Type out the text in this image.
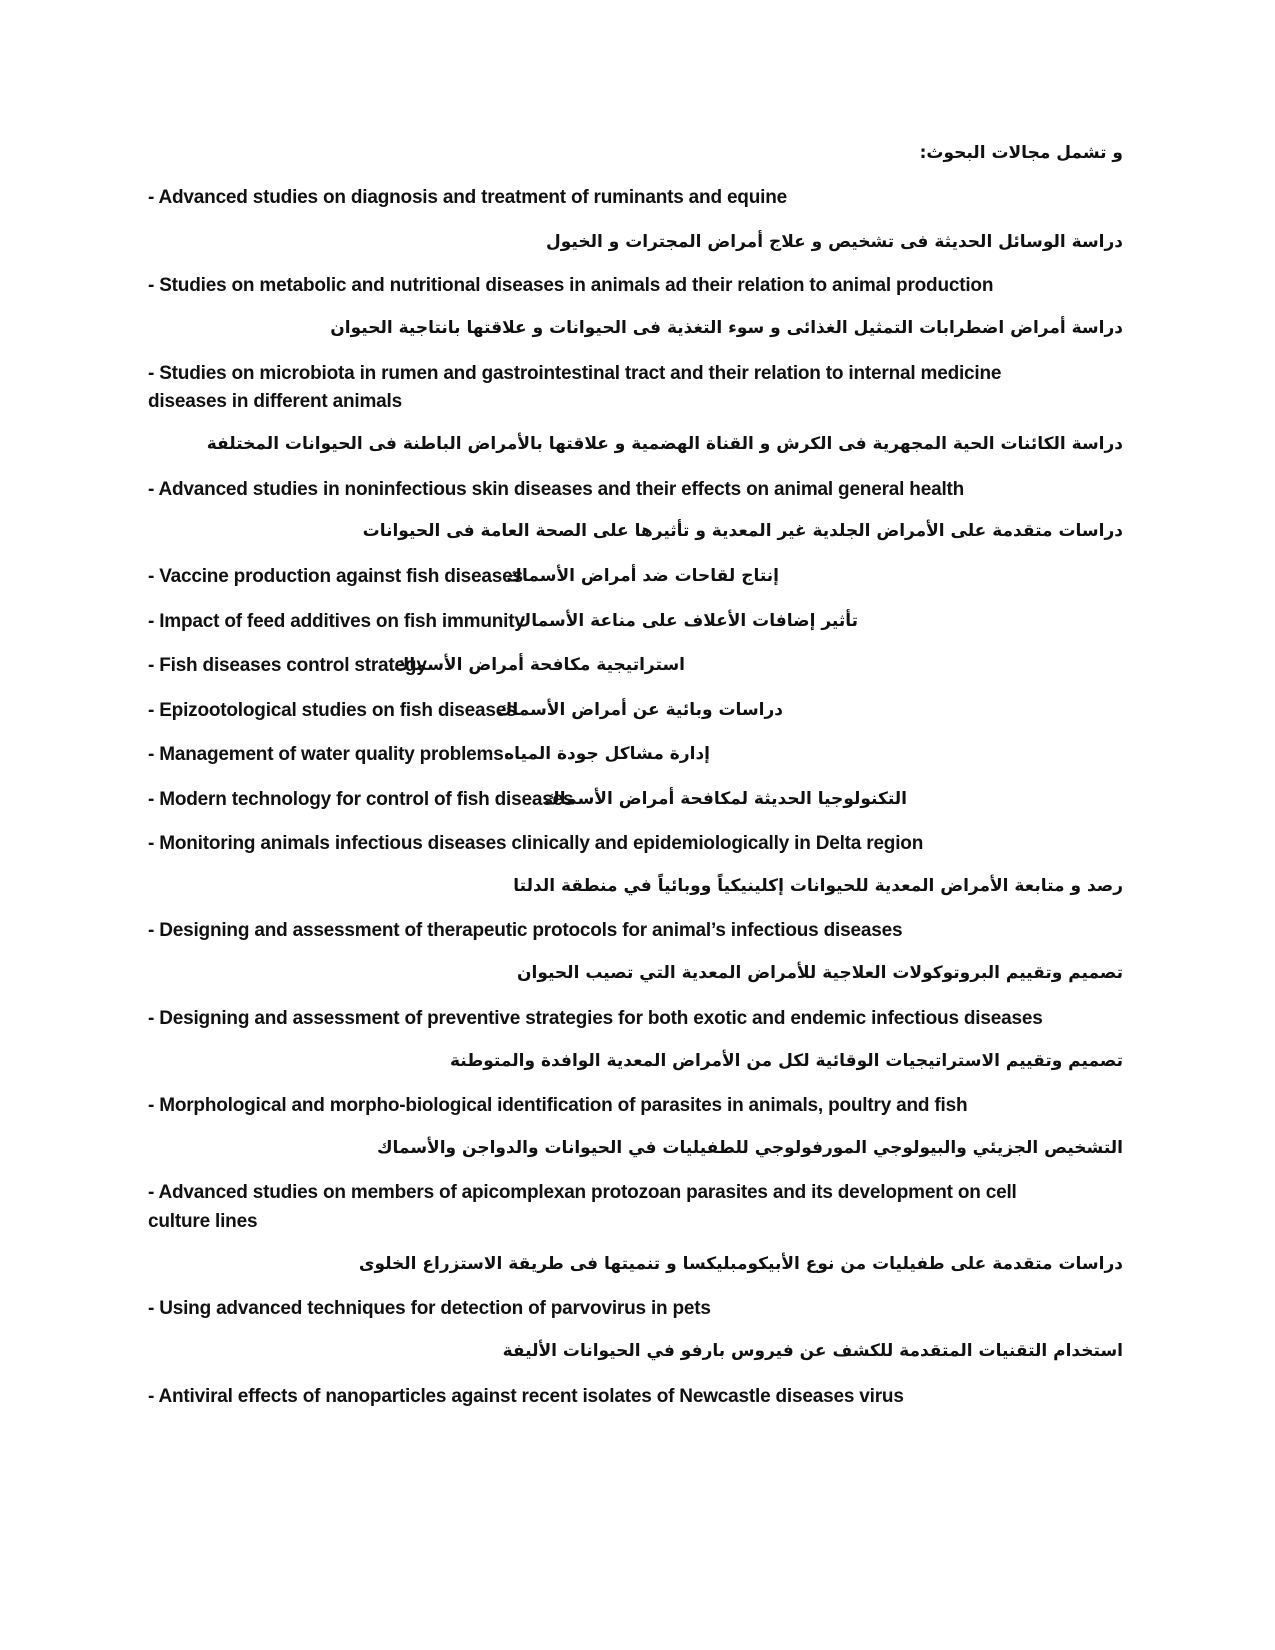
و تشمل مجالات البحوث:
- Advanced studies on diagnosis and treatment of ruminants and equine
دراسة الوسائل الحديثة فى تشخيص و علاج أمراض المجترات و الخيول
- Studies on metabolic and nutritional diseases in animals ad their relation to animal production
دراسة أمراض اضطرابات التمثيل الغذائى و سوء التغذية فى الحيوانات و علاقتها بانتاجية الحيوان
- Studies on microbiota in rumen and gastrointestinal tract and their relation to internal medicine
diseases in different animals
دراسة الكائنات الحية المجهرية فى الكرش و القناة الهضمية و علاقتها بالأمراض الباطنة فى الحيوانات المختلفة
- Advanced studies in noninfectious skin diseases and their effects on animal general health
دراسات متقدمة على الأمراض الجلدية غير المعدية و تأثيرها على الصحة العامة فى الحيوانات
- Vaccine production against fish diseases
إنتاج لقاحات ضد أمراض الأسماك
- Impact of feed additives on fish immunity
تأثير إضافات الأعلاف على مناعة الأسماك
- Fish diseases control strategy
استراتيجية مكافحة أمراض الأسماك
- Epizootological studies on fish diseases
دراسات وبائية عن أمراض الأسماك
- Management of water quality problems إدارة مشاكل جودة المياه
- Modern technology for control of fish diseases
التكنولوجيا الحديثة لمكافحة أمراض الأسماك
- Monitoring animals infectious diseases clinically and epidemiologically in Delta region
رصد و متابعة الأمراض المعدية للحيوانات إكلينيكياً ووبائياً في منطقة الدلتا
- Designing and assessment of therapeutic protocols for animal’s infectious diseases
تصميم وتقييم البروتوكولات العلاجية للأمراض المعدية التي تصيب الحيوان
- Designing and assessment of preventive strategies for both exotic and endemic infectious diseases
تصميم وتقييم الاستراتيجيات الوقائية لكل من الأمراض المعدية الوافدة والمتوطنة
- Morphological and morpho-biological identification of parasites in animals, poultry and fish
التشخيص الجزيئي والبيولوجي المورفولوجي للطفيليات في الحيوانات والدواجن والأسماك
- Advanced studies on members of apicomplexan protozoan parasites and its development on cell
culture lines
دراسات متقدمة على طفيليات من نوع الأبيكومبليكسا و تنميتها فى طريقة الاستزراع الخلوى
- Using advanced techniques for detection of parvovirus in pets
استخدام التقنيات المتقدمة للكشف عن فيروس بارفو في الحيوانات الأليفة
- Antiviral effects of nanoparticles against recent isolates of Newcastle diseases virus
